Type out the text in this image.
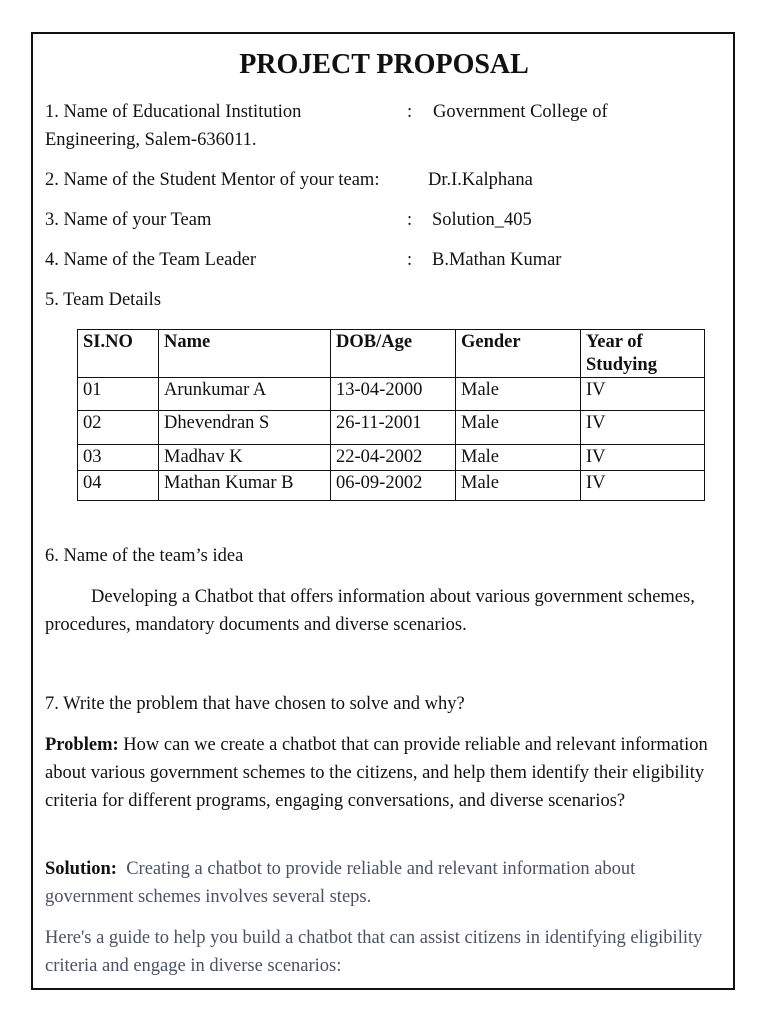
PROJECT PROPOSAL
1. Name of Educational Institution	: Government College of
Engineering, Salem-636011.
2. Name of the Student Mentor of your team:	Dr.I.Kalphana
3. Name of your Team	: Solution_405
4. Name of the Team Leader	: B.Mathan Kumar
5. Team Details
SI.NO	Name	DOB/Age	Gender	Year of Studying
01	Arunkumar A	13-04-2000	Male	IV
02	Dhevendran S	26-11-2001	Male	IV
03	Madhav K	22-04-2002	Male	IV
04	Mathan Kumar B	06-09-2002	Male	IV
6. Name of the team’s idea

Developing a Chatbot that offers information about various government schemes, procedures, mandatory documents and diverse scenarios.

7. Write the problem that have chosen to solve and why?

Problem: How can we create a chatbot that can provide reliable and relevant information about various government schemes to the citizens, and help them identify their eligibility criteria for different programs, engaging conversations, and diverse scenarios?

Solution: Creating a chatbot to provide reliable and relevant information about government schemes involves several steps.

Here's a guide to help you build a chatbot that can assist citizens in identifying eligibility criteria and engage in diverse scenarios:
